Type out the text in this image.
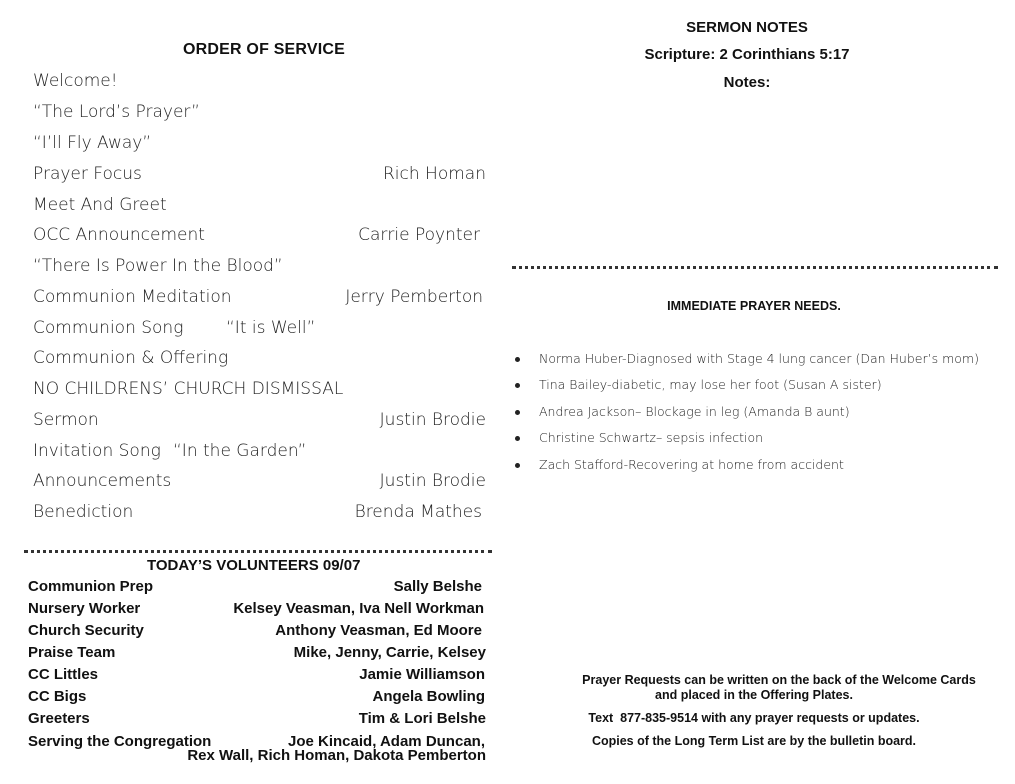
ORDER OF SERVICE
Welcome!
“The Lord’s Prayer”
“I’ll Fly Away”
Prayer Focus	Rich Homan
Meet And Greet
OCC Announcement	Carrie Poynter
“There Is Power In the Blood”
Communion Meditation	Jerry Pemberton
Communion Song	“It is Well”
Communion & Offering
NO CHILDRENS’ CHURCH DISMISSAL
Sermon	Justin Brodie
Invitation Song “In the Garden”
Announcements	Justin Brodie
Benediction	Brenda Mathes
TODAY’S VOLUNTEERS 09/07
Communion Prep	Sally Belshe
Nursery Worker	Kelsey Veasman, Iva Nell Workman
Church Security	Anthony Veasman, Ed Moore
Praise Team	Mike, Jenny, Carrie, Kelsey
CC Littles	Jamie Williamson
CC Bigs	Angela Bowling
Greeters	Tim & Lori Belshe
Serving the Congregation	Joe Kincaid, Adam Duncan,
Rex Wall, Rich Homan, Dakota Pemberton
SERMON NOTES
Scripture: 2 Corinthians 5:17
Notes:
IMMEDIATE PRAYER NEEDS.
Norma Huber-Diagnosed with Stage 4 lung cancer (Dan Huber’s mom)
Tina Bailey-diabetic, may lose her foot (Susan A sister)
Andrea Jackson– Blockage in leg (Amanda B aunt)
Christine Schwartz– sepsis infection
Zach Stafford-Recovering at home from accident
Prayer Requests can be written on the back of the Welcome Cards
and placed in the Offering Plates.
Text  877-835-9514 with any prayer requests or updates.
Copies of the Long Term List are by the bulletin board.
